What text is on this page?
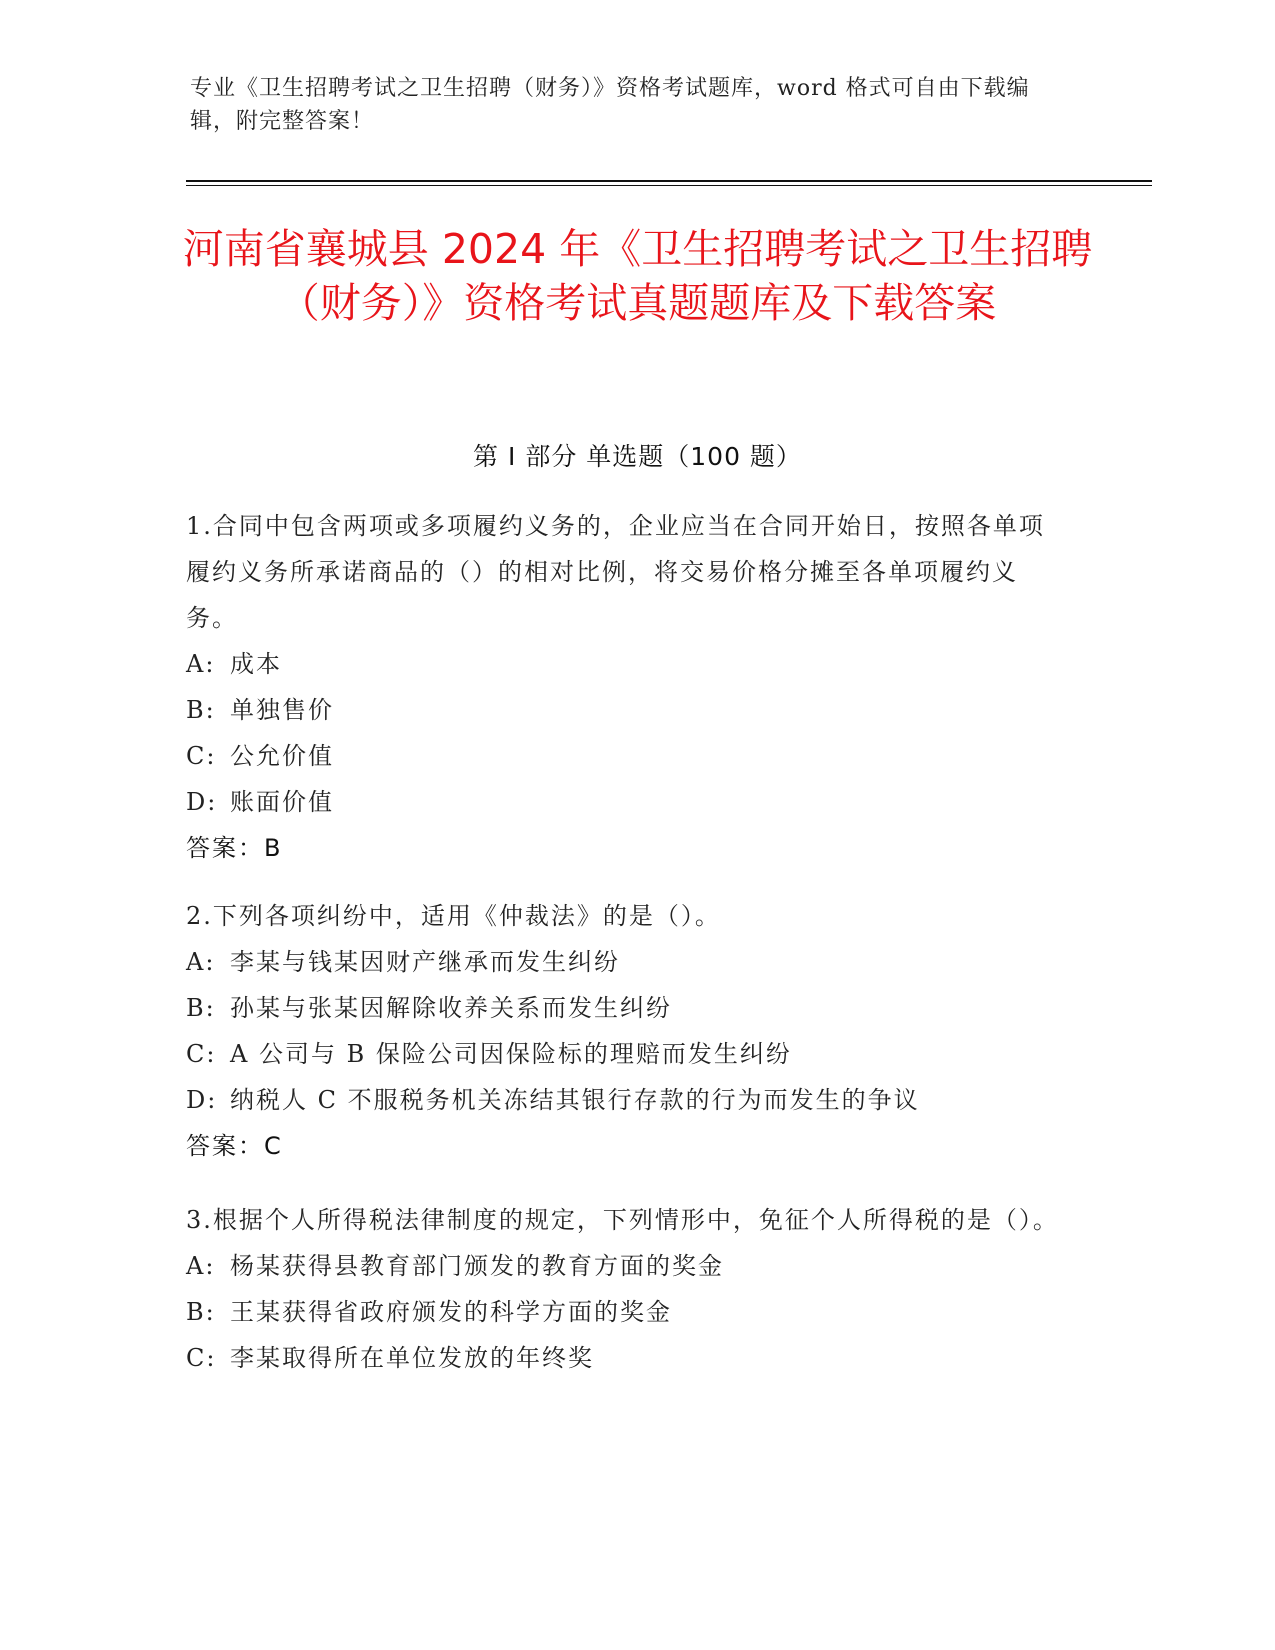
专业《卫生招聘考试之卫生招聘（财务）》资格考试题库，word 格式可自由下载编辑，附完整答案！
河南省襄城县 2024 年《卫生招聘考试之卫生招聘（财务）》资格考试真题题库及下载答案
第 I 部分 单选题（100 题）

1.合同中包含两项或多项履约义务的，企业应当在合同开始日，按照各单项履约义务所承诺商品的（）的相对比例，将交易价格分摊至各单项履约义务。

A: 成本
B: 单独售价
C: 公允价值
D: 账面价值
答案：B

2.下列各项纠纷中，适用《仲裁法》的是（）。

A: 李某与钱某因财产继承而发生纠纷
B: 孙某与张某因解除收养关系而发生纠纷
C: A 公司与 B 保险公司因保险标的理赔而发生纠纷
D: 纳税人 C 不服税务机关冻结其银行存款的行为而发生的争议
答案：C

3.根据个人所得税法律制度的规定，下列情形中，免征个人所得税的是（）。

A: 杨某获得县教育部门颁发的教育方面的奖金
B: 王某获得省政府颁发的科学方面的奖金
C: 李某取得所在单位发放的年终奖
